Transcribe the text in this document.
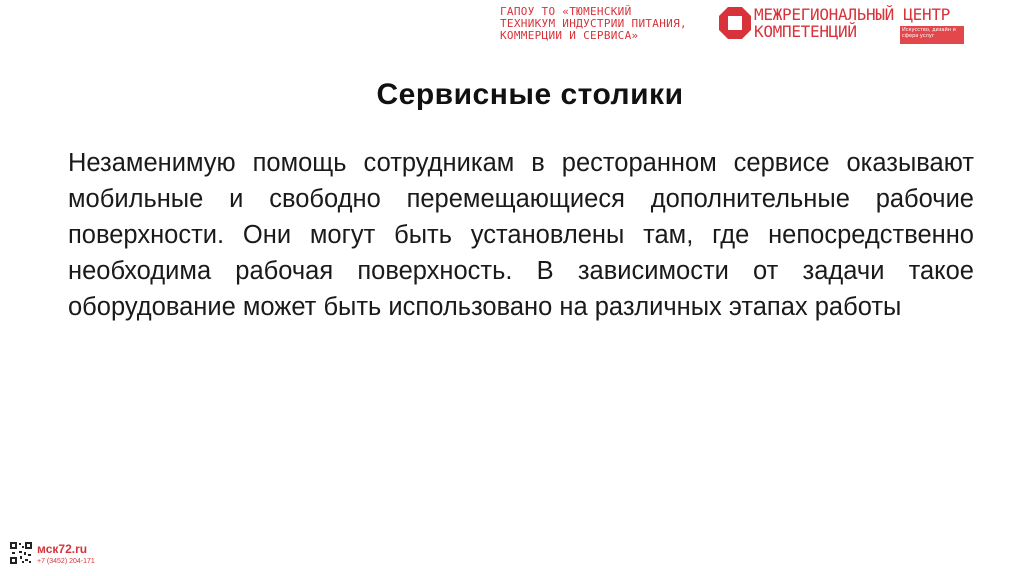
ГАПОУ ТО «ТЮМЕНСКИЙ
ТЕХНИКУМ ИНДУСТРИИ ПИТАНИЯ,
КОММЕРЦИИ И СЕРВИСА»
МЕЖРЕГИОНАЛЬНЫЙ ЦЕНТР
КОМПЕТЕНЦИЙ	Искусство, дизайн и сфера услуг
Сервисные столики
Незаменимую помощь сотрудникам в ресторанном сервисе оказывают мобильные и свободно перемещающиеся дополнительные рабочие поверхности. Они могут быть установлены там, где непосредственно необходима рабочая поверхность. В зависимости от задачи такое оборудование может быть использовано на различных этапах работы
мск72.ru
+7 (3452) 204-171
